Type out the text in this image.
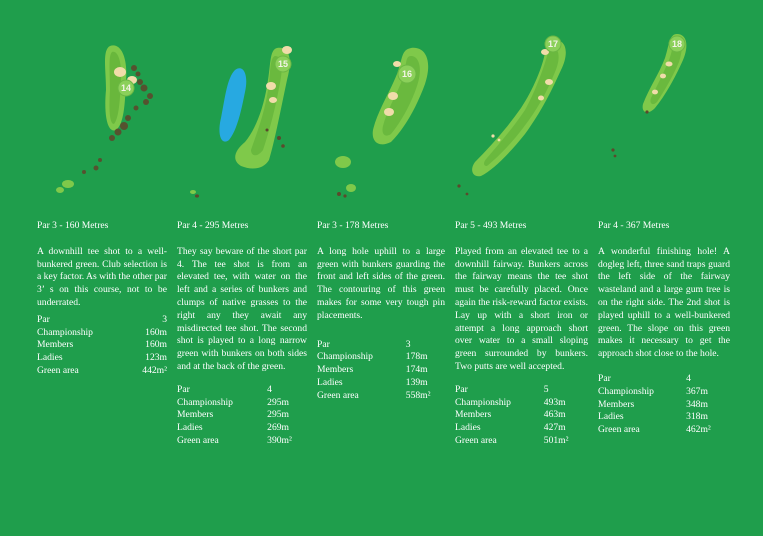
14
15
16
17	18

Par 3 - 160 Metres

A downhill tee shot to a well-bunkered green. Club selection is a key factor. As with the other par 3’ s on this course, not to be underrated.

Par	3
Championship	160m
Members	160m
Ladies	123m
Green area	442m²

Par 4 - 295 Metres

They say beware of the short par 4. The tee shot is from an elevated tee, with water on the left and a series of bunkers and clumps of native grasses to the right any they await any misdirected tee shot. The second shot is played to a long narrow green with bunkers on both sides and at the back of the green.

Par	4
Championship	295m
Members	295m
Ladies	269m
Green area	390m²

Par 3 - 178 Metres

A long hole uphill to a large green with bunkers guarding the front and left sides of the green. The contouring of this green makes for some very tough pin placements.

Par	3
Championship	178m
Members	174m
Ladies	139m
Green area	558m²

Par 5 - 493 Metres

Played from an elevated tee to a downhill fairway. Bunkers across the fairway means the tee shot must be carefully placed. Once again the risk-reward factor exists. Lay up with a short iron or attempt a long approach short over water to a small sloping green surrounded by bunkers. Two putts are well accepted.

Par	5
Championship	493m
Members	463m
Ladies	427m
Green area	501m²

Par 4 - 367 Metres

A wonderful finishing hole! A dogleg left, three sand traps guard the left side of the fairway wasteland and a large gum tree is on the right side. The 2nd shot is played uphill to a well-bunkered green. The slope on this green makes it necessary to get the approach shot close to the hole.

Par	4
Championship	367m
Members	348m
Ladies	318m
Green area	462m²
